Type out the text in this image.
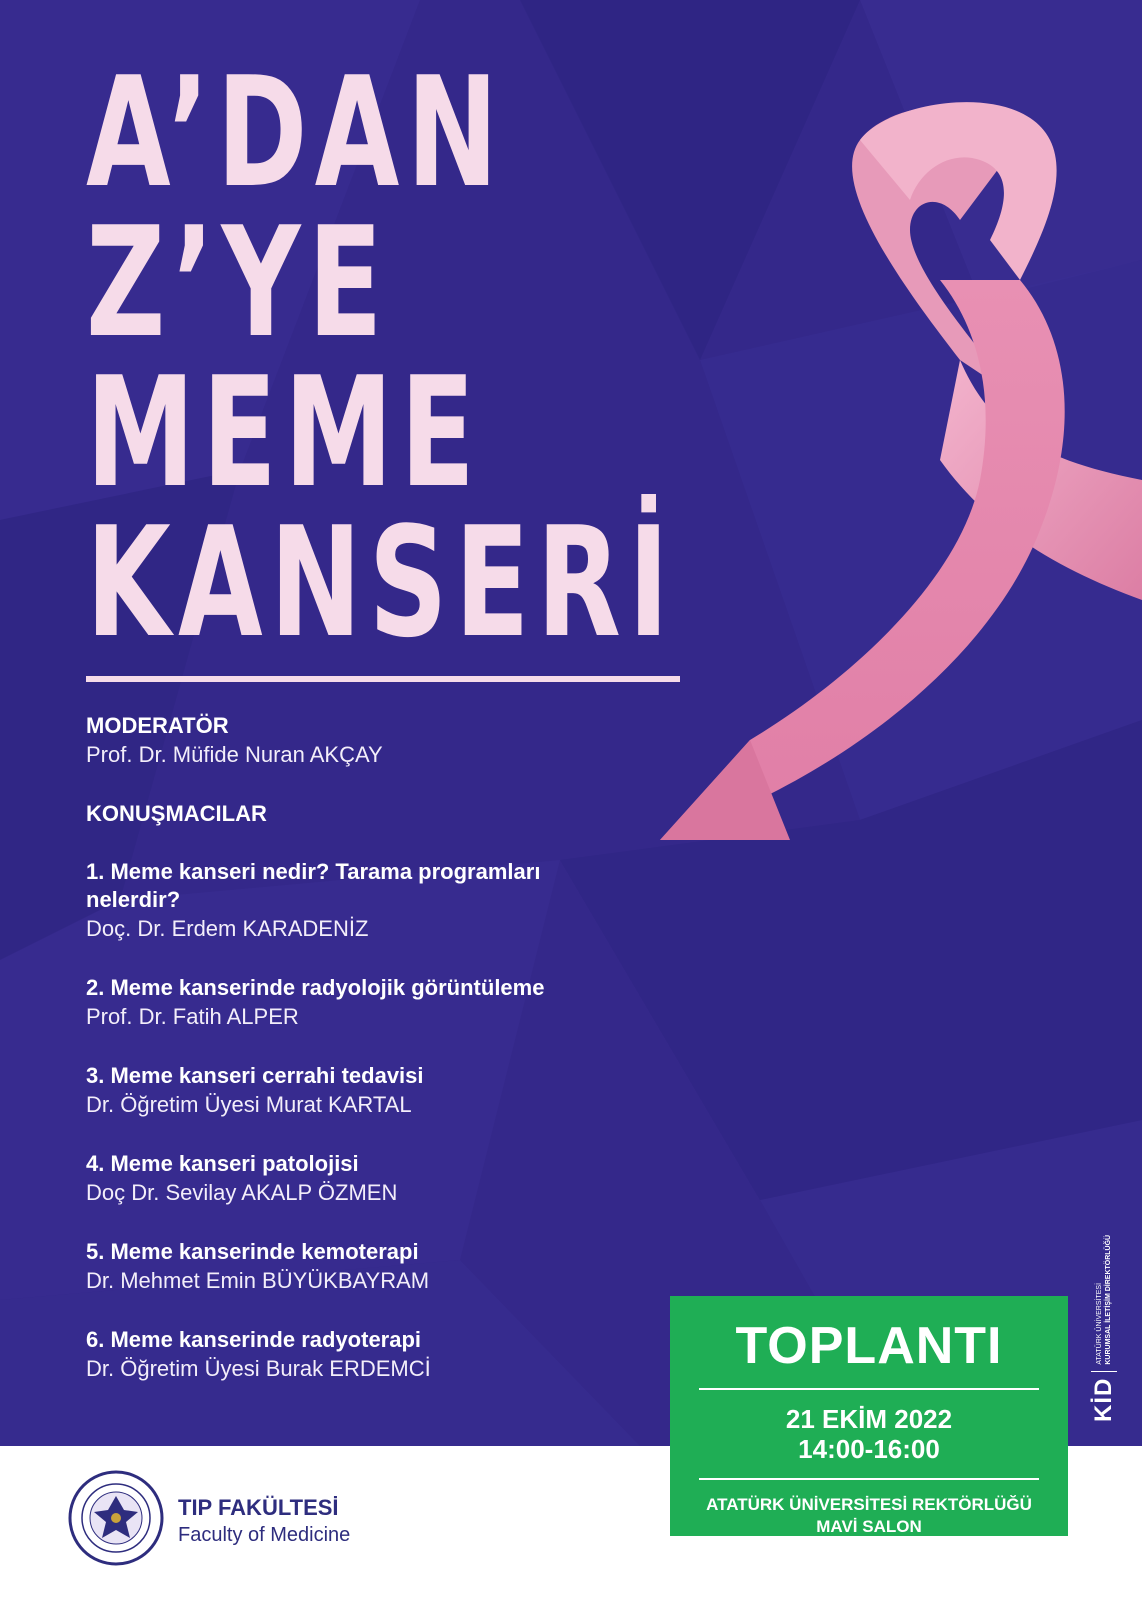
A’DAN
Z’YE
MEME
KANSERİ
MODERATÖR
Prof. Dr. Müfide Nuran AKÇAY
KONUŞMACILAR
1. Meme kanseri nedir? Tarama programları
nelerdir?
Doç. Dr. Erdem KARADENİZ
2. Meme kanserinde radyolojik görüntüleme
Prof. Dr. Fatih ALPER
3. Meme kanseri cerrahi tedavisi
Dr. Öğretim Üyesi Murat KARTAL
4. Meme kanseri patolojisi
Doç Dr. Sevilay AKALP ÖZMEN
5. Meme kanserinde kemoterapi
Dr. Mehmet Emin BÜYÜKBAYRAM
6. Meme kanserinde radyoterapi
Dr. Öğretim Üyesi Burak ERDEMCİ
KİD
ATATÜRK ÜNİVERSİTESİ KURUMSAL İLETİŞİM DİREKTÖRLÜĞÜ
TIP FAKÜLTESİ
Faculty of Medicine
TOPLANTI
21 EKİM 2022
14:00-16:00
ATATÜRK ÜNİVERSİTESİ REKTÖRLÜĞÜ
MAVİ SALON
